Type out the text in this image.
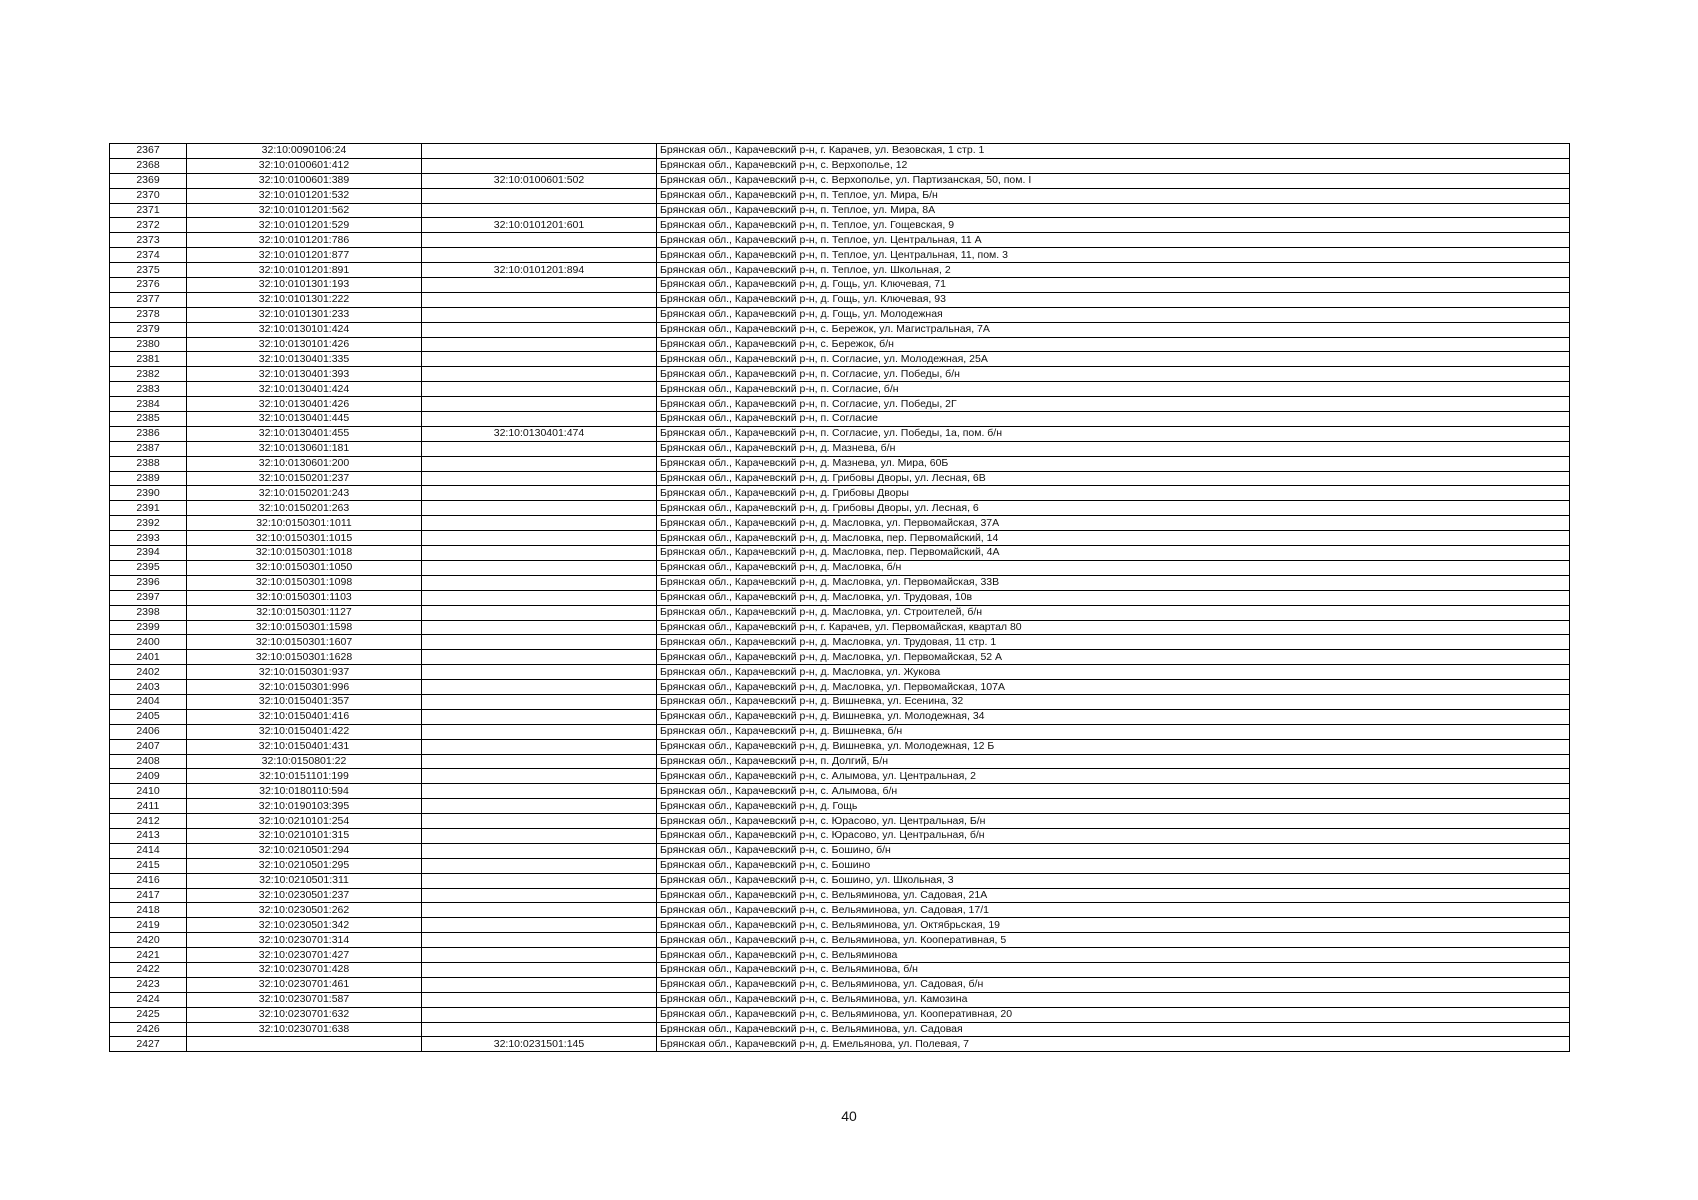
2367	32:10:0090106:24		Брянская обл., Карачевский р-н, г. Карачев, ул. Везовская, 1 стр. 1
2368	32:10:0100601:412		Брянская обл., Карачевский р-н, с. Верхополье, 12
2369	32:10:0100601:389	32:10:0100601:502	Брянская обл., Карачевский р-н, с. Верхополье, ул. Партизанская, 50, пом. I
2370	32:10:0101201:532		Брянская обл., Карачевский р-н, п. Теплое, ул. Мира, Б/н
2371	32:10:0101201:562		Брянская обл., Карачевский р-н, п. Теплое, ул. Мира, 8А
2372	32:10:0101201:529	32:10:0101201:601	Брянская обл., Карачевский р-н, п. Теплое, ул. Гощевская, 9
2373	32:10:0101201:786		Брянская обл., Карачевский р-н, п. Теплое, ул. Центральная, 11 А
2374	32:10:0101201:877		Брянская обл., Карачевский р-н, п. Теплое, ул. Центральная, 11, пом. 3
2375	32:10:0101201:891	32:10:0101201:894	Брянская обл., Карачевский р-н, п. Теплое, ул. Школьная, 2
2376	32:10:0101301:193		Брянская обл., Карачевский р-н, д. Гощь, ул. Ключевая, 71
2377	32:10:0101301:222		Брянская обл., Карачевский р-н, д. Гощь, ул. Ключевая, 93
2378	32:10:0101301:233		Брянская обл., Карачевский р-н, д. Гощь, ул. Молодежная
2379	32:10:0130101:424		Брянская обл., Карачевский р-н, с. Бережок, ул. Магистральная, 7А
2380	32:10:0130101:426		Брянская обл., Карачевский р-н, с. Бережок, б/н
2381	32:10:0130401:335		Брянская обл., Карачевский р-н, п. Согласие, ул. Молодежная, 25А
2382	32:10:0130401:393		Брянская обл., Карачевский р-н, п. Согласие, ул. Победы, б/н
2383	32:10:0130401:424		Брянская обл., Карачевский р-н, п. Согласие, б/н
2384	32:10:0130401:426		Брянская обл., Карачевский р-н, п. Согласие, ул. Победы, 2Г
2385	32:10:0130401:445		Брянская обл., Карачевский р-н, п. Согласие
2386	32:10:0130401:455	32:10:0130401:474	Брянская обл., Карачевский р-н, п. Согласие, ул. Победы, 1а, пом. б/н
2387	32:10:0130601:181		Брянская обл., Карачевский р-н, д. Мазнева, б/н
2388	32:10:0130601:200		Брянская обл., Карачевский р-н, д. Мазнева, ул. Мира, 60Б
2389	32:10:0150201:237		Брянская обл., Карачевский р-н, д. Грибовы Дворы, ул. Лесная, 6В
2390	32:10:0150201:243		Брянская обл., Карачевский р-н, д. Грибовы Дворы
2391	32:10:0150201:263		Брянская обл., Карачевский р-н, д. Грибовы Дворы, ул. Лесная, 6
2392	32:10:0150301:1011		Брянская обл., Карачевский р-н, д. Масловка, ул. Первомайская, 37А
2393	32:10:0150301:1015		Брянская обл., Карачевский р-н, д. Масловка, пер. Первомайский, 14
2394	32:10:0150301:1018		Брянская обл., Карачевский р-н, д. Масловка, пер. Первомайский, 4А
2395	32:10:0150301:1050		Брянская обл., Карачевский р-н, д. Масловка, б/н
2396	32:10:0150301:1098		Брянская обл., Карачевский р-н, д. Масловка, ул. Первомайская, 33В
2397	32:10:0150301:1103		Брянская обл., Карачевский р-н, д. Масловка, ул. Трудовая, 10в
2398	32:10:0150301:1127		Брянская обл., Карачевский р-н, д. Масловка, ул. Строителей, б/н
2399	32:10:0150301:1598		Брянская обл., Карачевский р-н, г. Карачев, ул. Первомайская, квартал 80
2400	32:10:0150301:1607		Брянская обл., Карачевский р-н, д. Масловка, ул. Трудовая, 11 стр. 1
2401	32:10:0150301:1628		Брянская обл., Карачевский р-н, д. Масловка, ул. Первомайская, 52 А
2402	32:10:0150301:937		Брянская обл., Карачевский р-н, д. Масловка, ул. Жукова
2403	32:10:0150301:996		Брянская обл., Карачевский р-н, д. Масловка, ул. Первомайская, 107А
2404	32:10:0150401:357		Брянская обл., Карачевский р-н, д. Вишневка, ул. Есенина, 32
2405	32:10:0150401:416		Брянская обл., Карачевский р-н, д. Вишневка, ул. Молодежная, 34
2406	32:10:0150401:422		Брянская обл., Карачевский р-н, д. Вишневка, б/н
2407	32:10:0150401:431		Брянская обл., Карачевский р-н, д. Вишневка, ул. Молодежная, 12 Б
2408	32:10:0150801:22		Брянская обл., Карачевский р-н, п. Долгий, Б/н
2409	32:10:0151101:199		Брянская обл., Карачевский р-н, с. Алымова, ул. Центральная, 2
2410	32:10:0180110:594		Брянская обл., Карачевский р-н, с. Алымова, б/н
2411	32:10:0190103:395		Брянская обл., Карачевский р-н, д. Гощь
2412	32:10:0210101:254		Брянская обл., Карачевский р-н, с. Юрасово, ул. Центральная, Б/н
2413	32:10:0210101:315		Брянская обл., Карачевский р-н, с. Юрасово, ул. Центральная, б/н
2414	32:10:0210501:294		Брянская обл., Карачевский р-н, с. Бошино, б/н
2415	32:10:0210501:295		Брянская обл., Карачевский р-н, с. Бошино
2416	32:10:0210501:311		Брянская обл., Карачевский р-н, с. Бошино, ул. Школьная, 3
2417	32:10:0230501:237		Брянская обл., Карачевский р-н, с. Вельяминова, ул. Садовая, 21А
2418	32:10:0230501:262		Брянская обл., Карачевский р-н, с. Вельяминова, ул. Садовая, 17/1
2419	32:10:0230501:342		Брянская обл., Карачевский р-н, с. Вельяминова, ул. Октябрьская, 19
2420	32:10:0230701:314		Брянская обл., Карачевский р-н, с. Вельяминова, ул. Кооперативная, 5
2421	32:10:0230701:427		Брянская обл., Карачевский р-н, с. Вельяминова
2422	32:10:0230701:428		Брянская обл., Карачевский р-н, с. Вельяминова, б/н
2423	32:10:0230701:461		Брянская обл., Карачевский р-н, с. Вельяминова, ул. Садовая, б/н
2424	32:10:0230701:587		Брянская обл., Карачевский р-н, с. Вельяминова, ул. Камозина
2425	32:10:0230701:632		Брянская обл., Карачевский р-н, с. Вельяминова, ул. Кооперативная, 20
2426	32:10:0230701:638		Брянская обл., Карачевский р-н, с. Вельяминова, ул. Садовая
2427		32:10:0231501:145	Брянская обл., Карачевский р-н, д. Емельянова, ул. Полевая, 7
40
